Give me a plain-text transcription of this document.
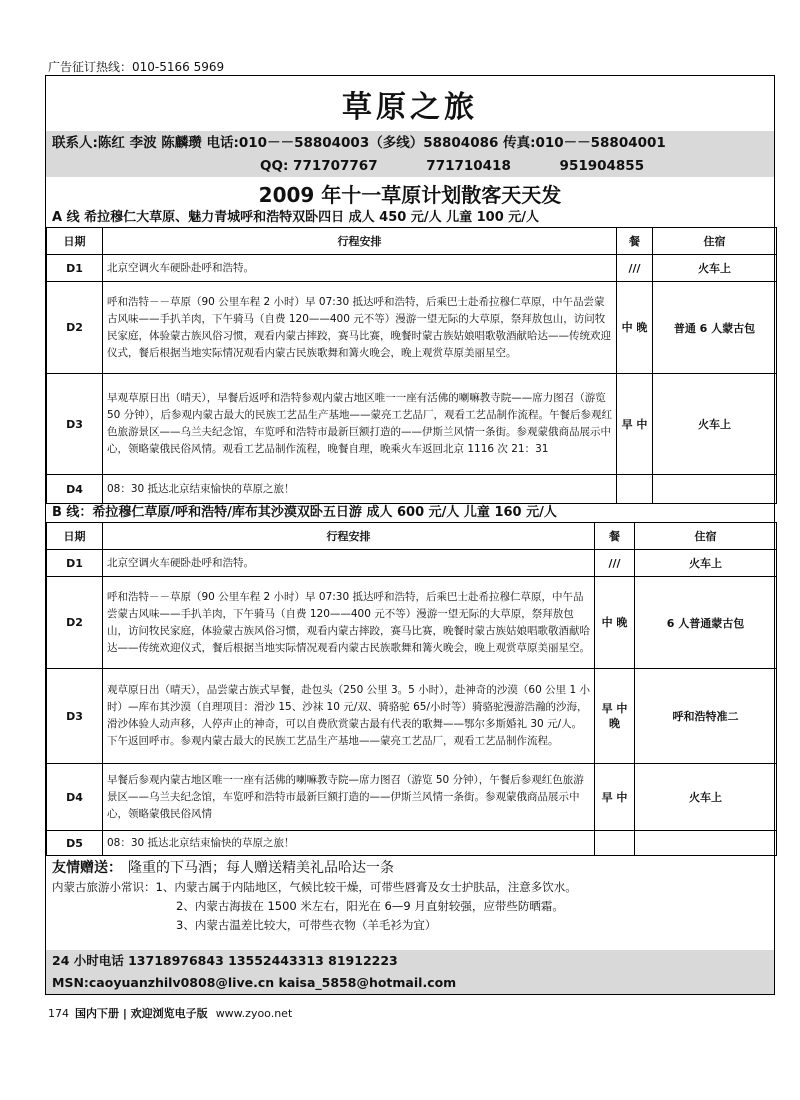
广告征订热线：010-5166 5969
草原之旅
联系人:陈红 李波 陈麟瓒 电话:010－－58804003（多线）58804086 传真:010－－58804001
QQ: 771707767	771710418	951904855
2009 年十一草原计划散客天天发
A 线 希拉穆仁大草原、魅力青城呼和浩特双卧四日 成人 450 元/人 儿童 100 元/人
日期	行程安排	餐	住宿
D1	北京空调火车硬卧赴呼和浩特。	///	火车上
D2	呼和浩特－－草原（90 公里车程 2 小时）早 07:30 抵达呼和浩特，后乘巴士赴希拉穆仁草原，中午品尝蒙古风味——手扒羊肉，下午骑马（自费 120——400 元不等）漫游一望无际的大草原，祭拜敖包山，访问牧民家庭，体验蒙古族风俗习惯，观看内蒙古摔跤，赛马比赛，晚餐时蒙古族姑娘唱歌敬酒献哈达——传统欢迎仪式，餐后根据当地实际情况观看内蒙古民族歌舞和篝火晚会，晚上观赏草原美丽星空。	中 晚	普通 6 人蒙古包
D3	早观草原日出（晴天），早餐后返呼和浩特参观内蒙古地区唯一一座有活佛的喇嘛教寺院——席力图召（游览 50 分钟），后参观内蒙古最大的民族工艺品生产基地——蒙亮工艺品厂，观看工艺品制作流程。午餐后参观红色旅游景区——乌兰夫纪念馆，车览呼和浩特市最新巨额打造的——伊斯兰风情一条街。参观蒙俄商品展示中心，领略蒙俄民俗风情。观看工艺品制作流程，晚餐自理，晚乘火车返回北京 1116 次 21：31	早 中	火车上
D4	08：30 抵达北京结束愉快的草原之旅！		
B 线：希拉穆仁草原/呼和浩特/库布其沙漠双卧五日游 成人 600 元/人 儿童 160 元/人
日期	行程安排	餐	住宿
D1	北京空调火车硬卧赴呼和浩特。	///	火车上
D2	呼和浩特－－草原（90 公里车程 2 小时）早 07:30 抵达呼和浩特，后乘巴士赴希拉穆仁草原，中午品尝蒙古风味——手扒羊肉，下午骑马（自费 120——400 元不等）漫游一望无际的大草原，祭拜敖包山，访问牧民家庭，体验蒙古族风俗习惯，观看内蒙古摔跤，赛马比赛，晚餐时蒙古族姑娘唱歌敬酒献哈达——传统欢迎仪式，餐后根据当地实际情况观看内蒙古民族歌舞和篝火晚会，晚上观赏草原美丽星空。	中 晚	6 人普通蒙古包
D3	观草原日出（晴天），品尝蒙古族式早餐，赴包头（250 公里 3。5 小时），赴神奇的沙漠（60 公里 1 小时）—库布其沙漠（自理项目：滑沙 15、沙袜 10 元/双、骑骆驼 65/小时等）骑骆驼漫游浩瀚的沙海，滑沙体验人动声移，人停声止的神奇，可以自费欣赏蒙古最有代表的歌舞——鄂尔多斯婚礼 30 元/人。下午返回呼市。参观内蒙古最大的民族工艺品生产基地——蒙亮工艺品厂，观看工艺品制作流程。	早 中 晚	呼和浩特准二
D4	早餐后参观内蒙古地区唯一一座有活佛的喇嘛教寺院—席力图召（游览 50 分钟），午餐后参观红色旅游景区——乌兰夫纪念馆，车览呼和浩特市最新巨额打造的——伊斯兰风情一条街。参观蒙俄商品展示中心，领略蒙俄民俗风情	早 中	火车上
D5	08：30 抵达北京结束愉快的草原之旅！		
友情赠送： 隆重的下马酒；每人赠送精美礼品哈达一条
内蒙古旅游小常识：1、内蒙古属于内陆地区，气候比较干燥，可带些唇膏及女士护肤品，注意多饮水。
2、内蒙古海拔在 1500 米左右，阳光在 6—9 月直射较强，应带些防晒霜。
3、内蒙古温差比较大，可带些衣物（羊毛衫为宜）
24 小时电话 13718976843 13552443313 81912223
MSN:caoyuanzhilv0808@live.cn kaisa_5858@hotmail.com
174 国内下册 | 欢迎浏览电子版 www.zyoo.net
